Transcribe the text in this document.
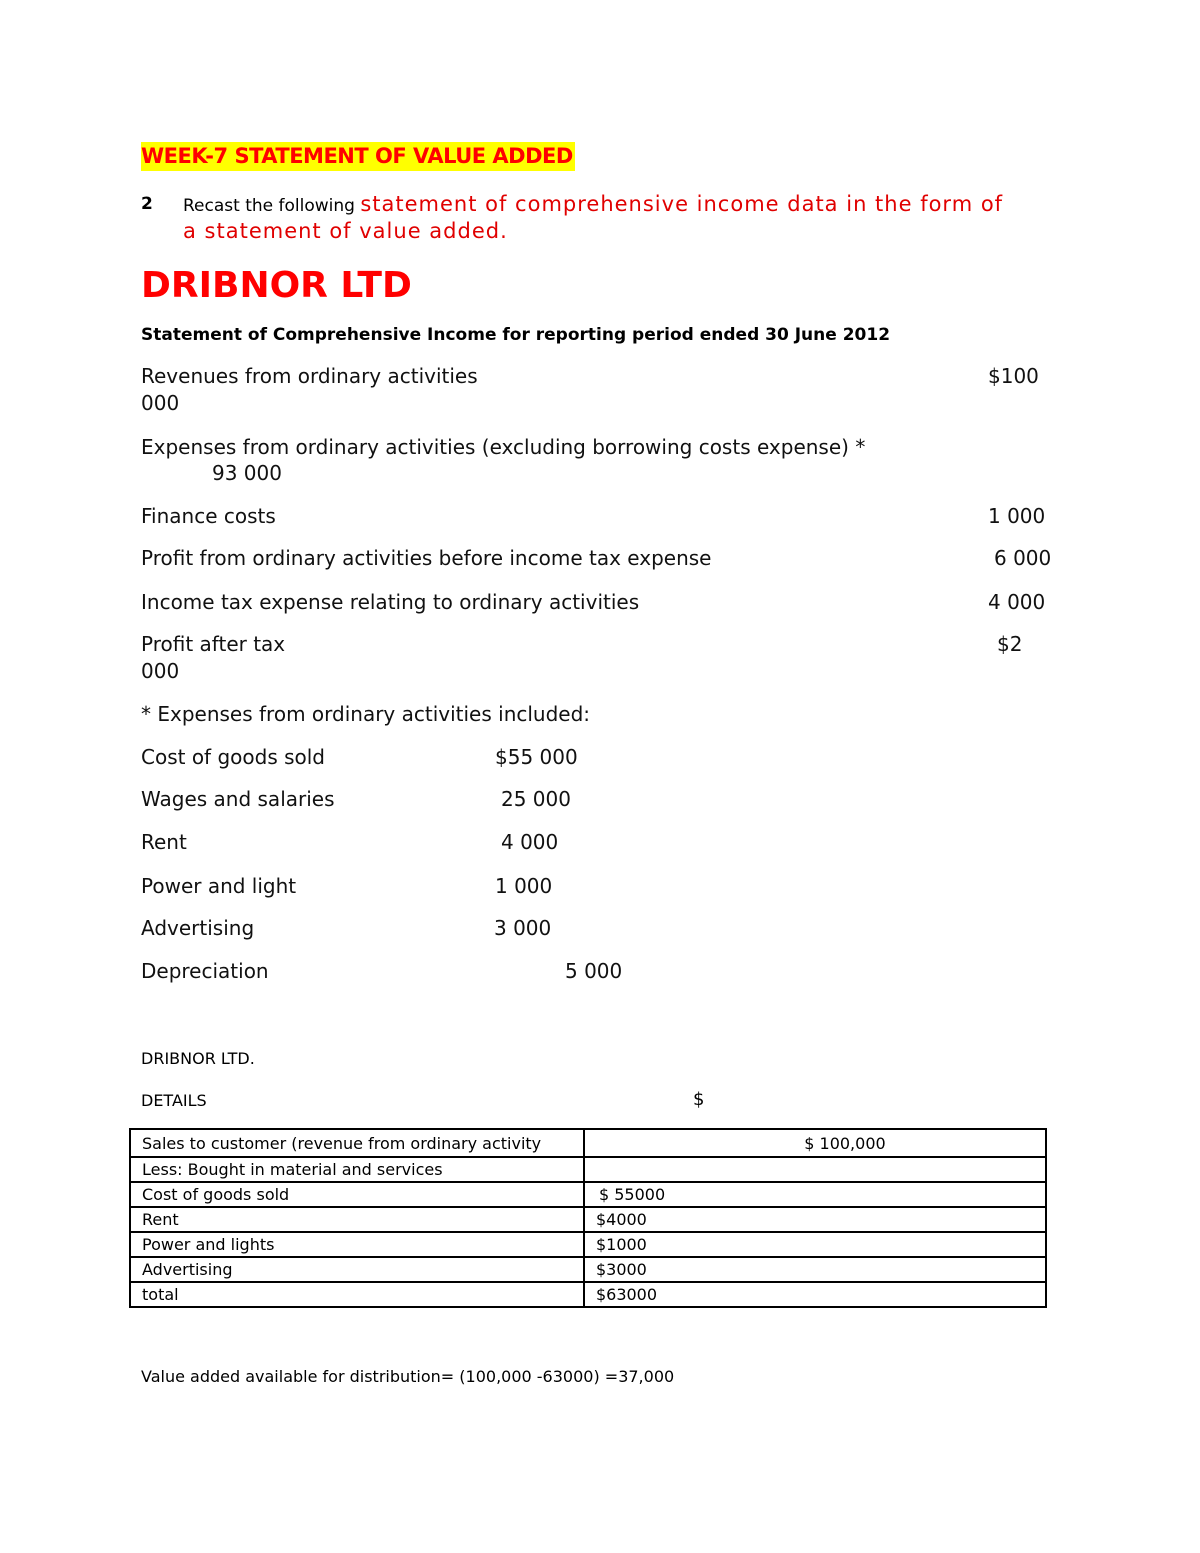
WEEK-7 STATEMENT OF VALUE ADDED
2 Recast the following statement of comprehensive income data in the form of
a statement of value added.
DRIBNOR LTD
Statement of Comprehensive Income for reporting period ended 30 June 2012
Revenues from ordinary activities	$100
000
Expenses from ordinary activities (excluding borrowing costs expense) *
93 000
Finance costs	1 000
Profit from ordinary activities before income tax expense	6 000
Income tax expense relating to ordinary activities	4 000
Profit after tax	$2
000
* Expenses from ordinary activities included:
Cost of goods sold	$55 000
Wages and salaries	25 000
Rent	4 000
Power and light	1 000
Advertising	3 000
Depreciation	5 000
DRIBNOR LTD.
DETAILS	$
Sales to customer (revenue from ordinary activity	$ 100,000
Less: Bought in material and services	
Cost of goods sold	$ 55000
Rent	$4000
Power and lights	$1000
Advertising	$3000
total	$63000
Value added available for distribution= (100,000 -63000) =37,000
